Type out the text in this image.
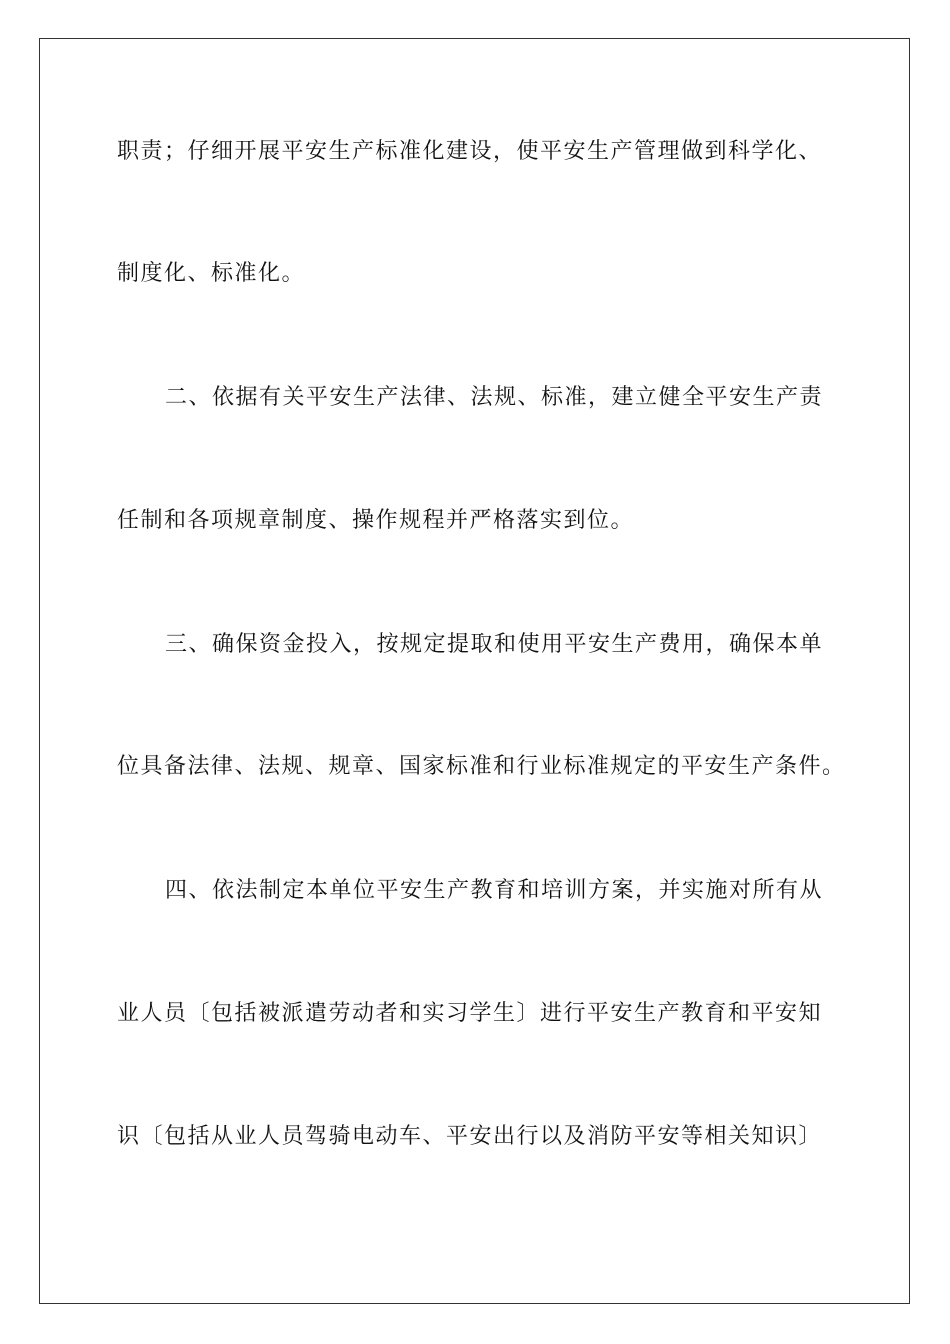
职责；仔细开展平安生产标准化建设，使平安生产管理做到科学化、
制度化、标准化。
二、依据有关平安生产法律、法规、标准，建立健全平安生产责
任制和各项规章制度、操作规程并严格落实到位。
三、确保资金投入，按规定提取和使用平安生产费用，确保本单
位具备法律、法规、规章、国家标准和行业标准规定的平安生产条件。
四、依法制定本单位平安生产教育和培训方案，并实施对所有从
业人员〔包括被派遣劳动者和实习学生〕进行平安生产教育和平安知
识〔包括从业人员驾骑电动车、平安出行以及消防平安等相关知识〕
